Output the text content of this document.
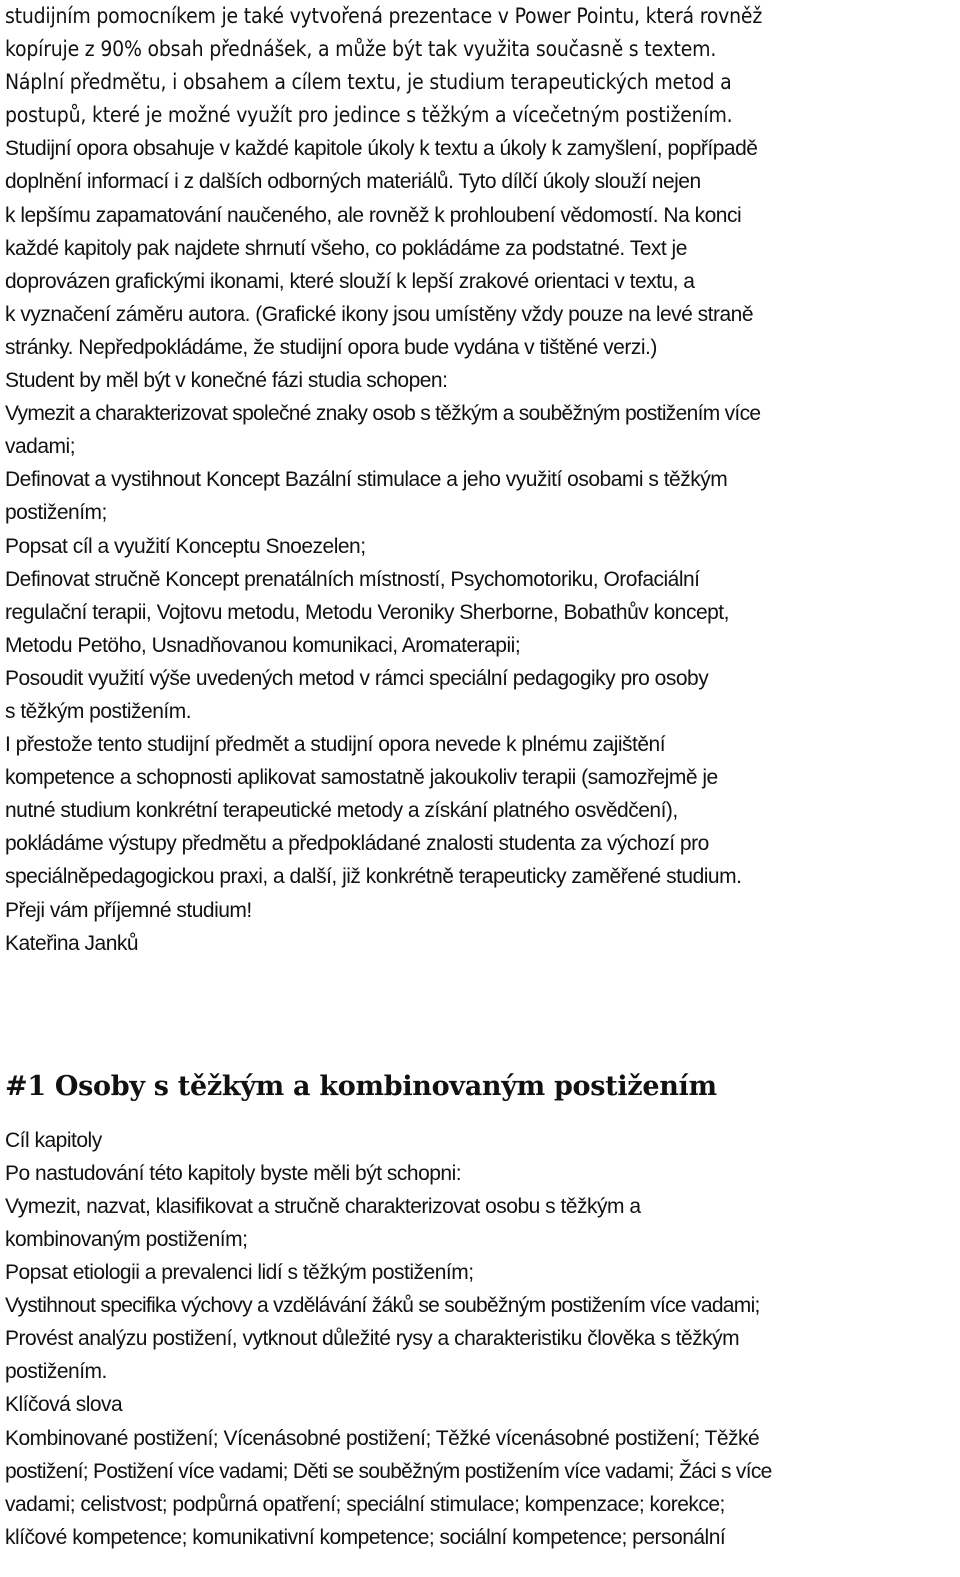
studijním pomocníkem je také vytvořená prezentace v Power Pointu, která rovněž
kopíruje z 90% obsah přednášek, a může být tak využita současně s textem.
Náplní předmětu, i obsahem a cílem textu, je studium terapeutických metod a
postupů, které je možné využít pro jedince s těžkým a vícečetným postižením.
Studijní opora obsahuje v každé kapitole úkoly k textu a úkoly k zamyšlení, popřípadě
doplnění informací i z dalších odborných materiálů. Tyto dílčí úkoly slouží nejen
k lepšímu zapamatování naučeného, ale rovněž k prohloubení vědomostí. Na konci
každé kapitoly pak najdete shrnutí všeho, co pokládáme za podstatné. Text je
doprovázen grafickými ikonami, které slouží k lepší zrakové orientaci v textu, a
k vyznačení záměru autora. (Grafické ikony jsou umístěny vždy pouze na levé straně
stránky. Nepředpokládáme, že studijní opora bude vydána v tištěné verzi.)
Student by měl být v konečné fázi studia schopen:
Vymezit a charakterizovat společné znaky osob s těžkým a souběžným postižením více
vadami;
Definovat a vystihnout Koncept Bazální stimulace a jeho využití osobami s těžkým
postižením;
Popsat cíl a využití Konceptu Snoezelen;
Definovat stručně Koncept prenatálních místností, Psychomotoriku, Orofaciální
regulační terapii, Vojtovu metodu, Metodu Veroniky Sherborne, Bobathův koncept,
Metodu Petöho, Usnadňovanou komunikaci, Aromaterapii;
Posoudit využití výše uvedených metod v rámci speciální pedagogiky pro osoby
s těžkým postižením.
I přestože tento studijní předmět a studijní opora nevede k plnému zajištění
kompetence a schopnosti aplikovat samostatně jakoukoliv terapii (samozřejmě je
nutné studium konkrétní terapeutické metody a získání platného osvědčení),
pokládáme výstupy předmětu a předpokládané znalosti studenta za výchozí pro
speciálněpedagogickou praxi, a další, již konkrétně terapeuticky zaměřené studium.
Přeji vám příjemné studium!
Kateřina Janků
#1 Osoby s těžkým a kombinovaným postižením
Cíl kapitoly
Po nastudování této kapitoly byste měli být schopni:
Vymezit, nazvat, klasifikovat a stručně charakterizovat osobu s těžkým a
kombinovaným postižením;
Popsat etiologii a prevalenci lidí s těžkým postižením;
Vystihnout specifika výchovy a vzdělávání žáků se souběžným postižením více vadami;
Provést analýzu postižení, vytknout důležité rysy a charakteristiku člověka s těžkým
postižením.
Klíčová slova
Kombinované postižení; Vícenásobné postižení; Těžké vícenásobné postižení; Těžké
postižení; Postižení více vadami; Děti se souběžným postižením více vadami; Žáci s více
vadami; celistvost; podpůrná opatření; speciální stimulace; kompenzace; korekce;
klíčové kompetence; komunikativní kompetence; sociální kompetence; personální
